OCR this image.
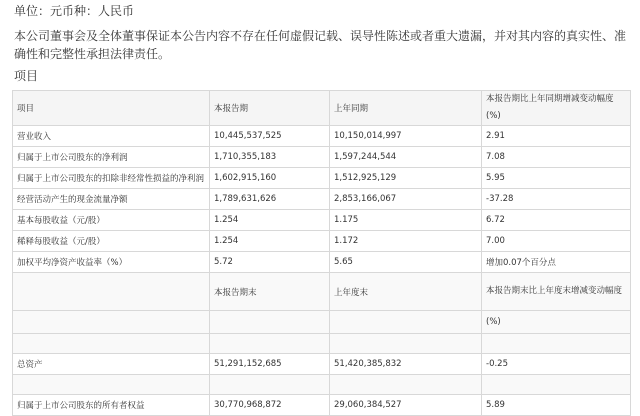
单位：元币种：人民币
本公司董事会及全体董事保证本公告内容不存在任何虚假记载、误导性陈述或者重大遗漏，并对其内容的真实性、准确性和完整性承担法律责任。
项目
项目	本报告期	上年同期	本报告期比上年同期增减变动幅度(%)
营业收入	10,445,537,525	10,150,014,997	2.91
归属于上市公司股东的净利润	1,710,355,183	1,597,244,544	7.08
归属于上市公司股东的扣除非经常性损益的净利润	1,602,915,160	1,512,925,129	5.95
经营活动产生的现金流量净额	1,789,631,626	2,853,166,067	-37.28
基本每股收益（元/股）	1.254	1.175	6.72
稀释每股收益（元/股）	1.254	1.172	7.00
加权平均净资产收益率（%）	5.72	5.65	增加0.07个百分点
	本报告期末	上年度末	本报告期末比上年度末增减变动幅度
			(%)

总资产	51,291,152,685	51,420,385,832	-0.25

归属于上市公司股东的所有者权益	30,770,968,872	29,060,384,527	5.89
